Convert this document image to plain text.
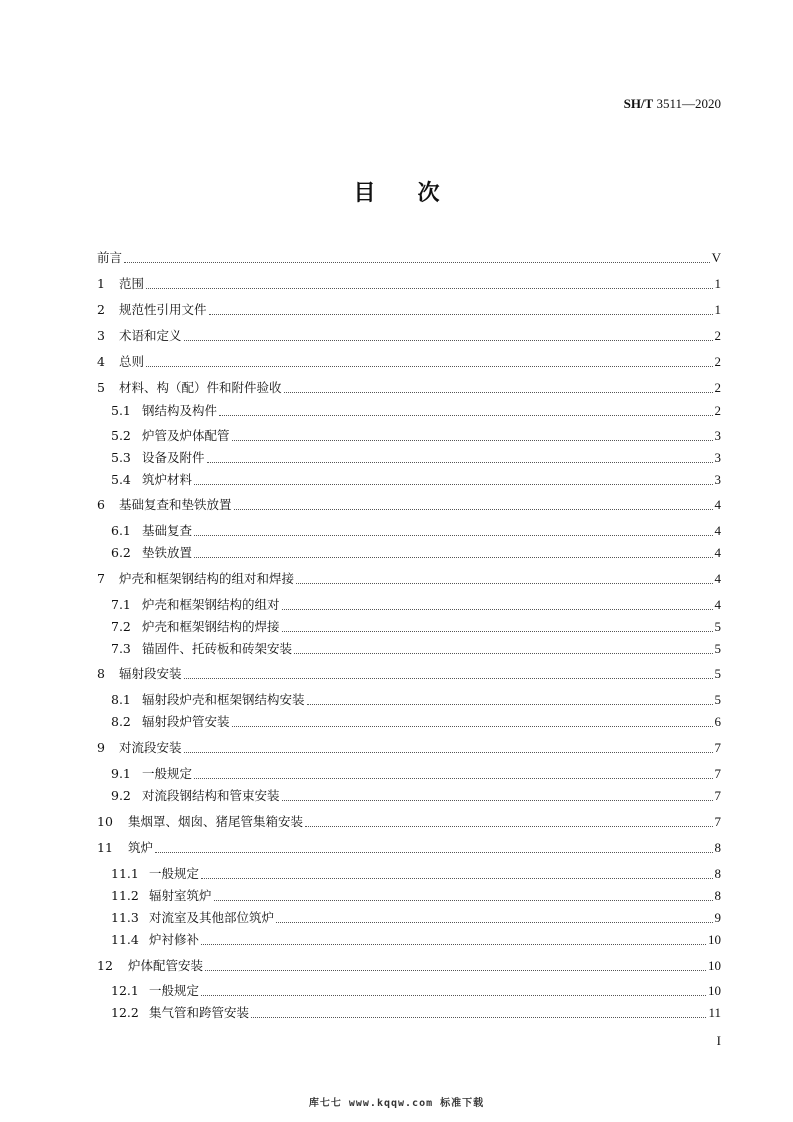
SH/T 3511—2020
目次
前言	V
1	范围	1
2	规范性引用文件	1
3	术语和定义	2
4	总则	2
5	材料、构（配）件和附件验收	2
5.1 钢结构及构件	2
5.2 炉管及炉体配管	3
5.3 设备及附件	3
5.4 筑炉材料	3
6	基础复查和垫铁放置	4
6.1 基础复查	4
6.2 垫铁放置	4
7	炉壳和框架钢结构的组对和焊接	4
7.1 炉壳和框架钢结构的组对	4
7.2 炉壳和框架钢结构的焊接	5
7.3 锚固件、托砖板和砖架安装	5
8	辐射段安装	5
8.1 辐射段炉壳和框架钢结构安装	5
8.2 辐射段炉管安装	6
9	对流段安装	7
9.1 一般规定	7
9.2 对流段钢结构和管束安装	7
10	集烟罩、烟囱、猪尾管集箱安装	7
11	筑炉	8
11.1 一般规定	8
11.2 辐射室筑炉	8
11.3 对流室及其他部位筑炉	9
11.4 炉衬修补	10
12	炉体配管安装	10
12.1 一般规定	10
12.2 集气管和跨管安装	11
I
库七七 www.kqqw.com 标准下载
